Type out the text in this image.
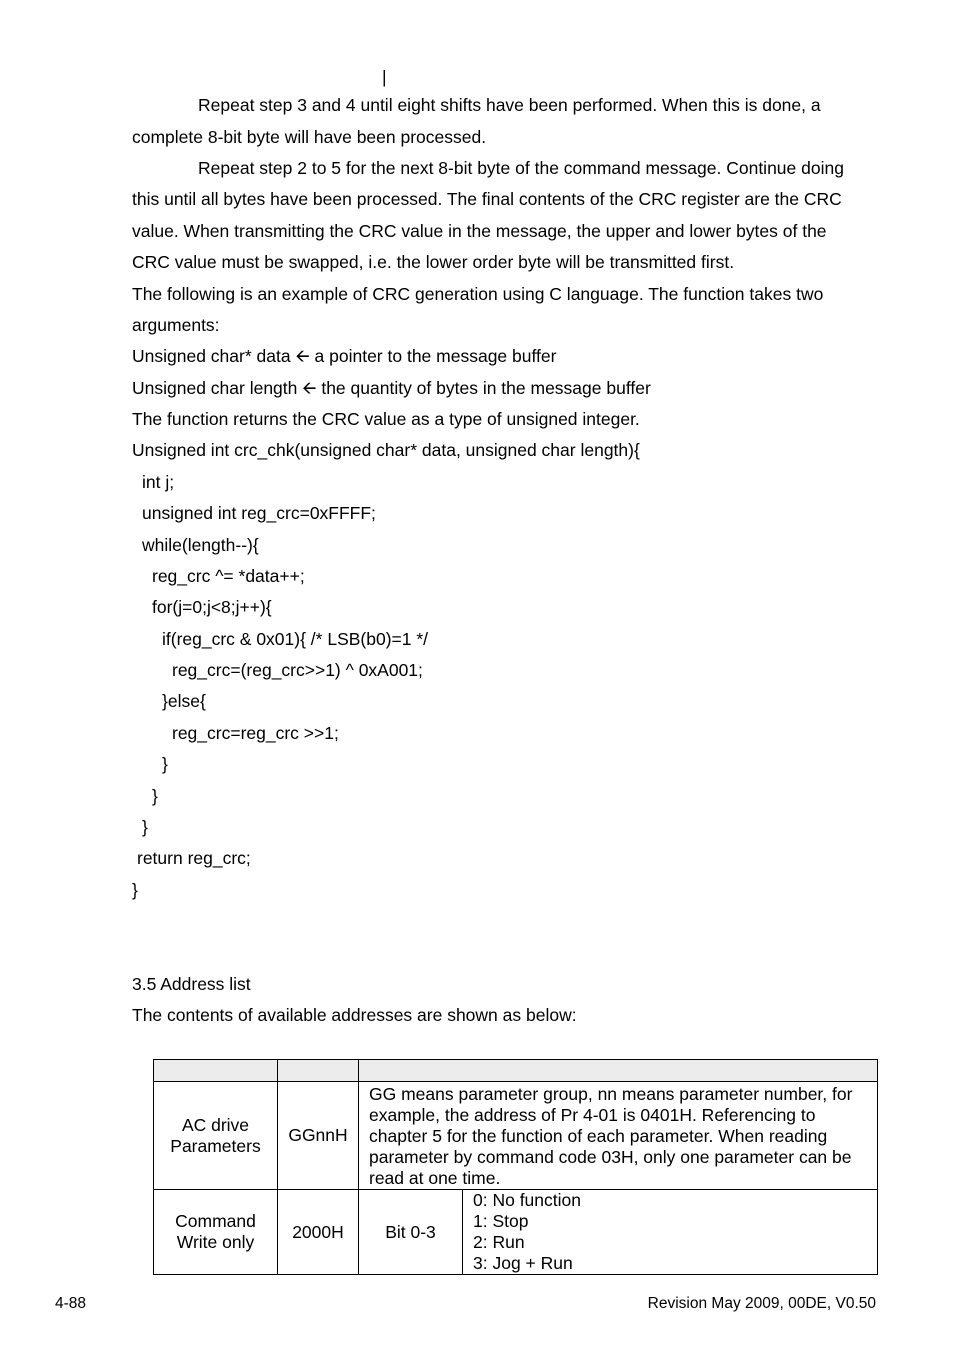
|
Repeat step 3 and 4 until eight shifts have been performed. When this is done, a
complete 8-bit byte will have been processed.
Repeat step 2 to 5 for the next 8-bit byte of the command message. Continue doing
this until all bytes have been processed. The final contents of the CRC register are the CRC
value. When transmitting the CRC value in the message, the upper and lower bytes of the
CRC value must be swapped, i.e. the lower order byte will be transmitted first.
The following is an example of CRC generation using C language. The function takes two
arguments:
Unsigned char* data 🡨 a pointer to the message buffer
Unsigned char length 🡨 the quantity of bytes in the message buffer
The function returns the CRC value as a type of unsigned integer.
Unsigned int crc_chk(unsigned char* data, unsigned char length){
int j;
unsigned int reg_crc=0xFFFF;
while(length--){
reg_crc ^= *data++;
for(j=0;j<8;j++){
if(reg_crc & 0x01){ /* LSB(b0)=1 */
reg_crc=(reg_crc>>1) ^ 0xA001;
}else{
reg_crc=reg_crc >>1;
}
}
}
return reg_crc;
}
3.5 Address list
The contents of available addresses are shown as below:

AC drive Parameters	GGnnH	GG means parameter group, nn means parameter number, for example, the address of Pr 4-01 is 0401H. Referencing to chapter 5 for the function of each parameter. When reading parameter by command code 03H, only one parameter can be read at one time.	
Command Write only	2000H	Bit 0-3	0: No function
1: Stop
2: Run
3: Jog + Run
4-88	Revision May 2009, 00DE, V0.50
